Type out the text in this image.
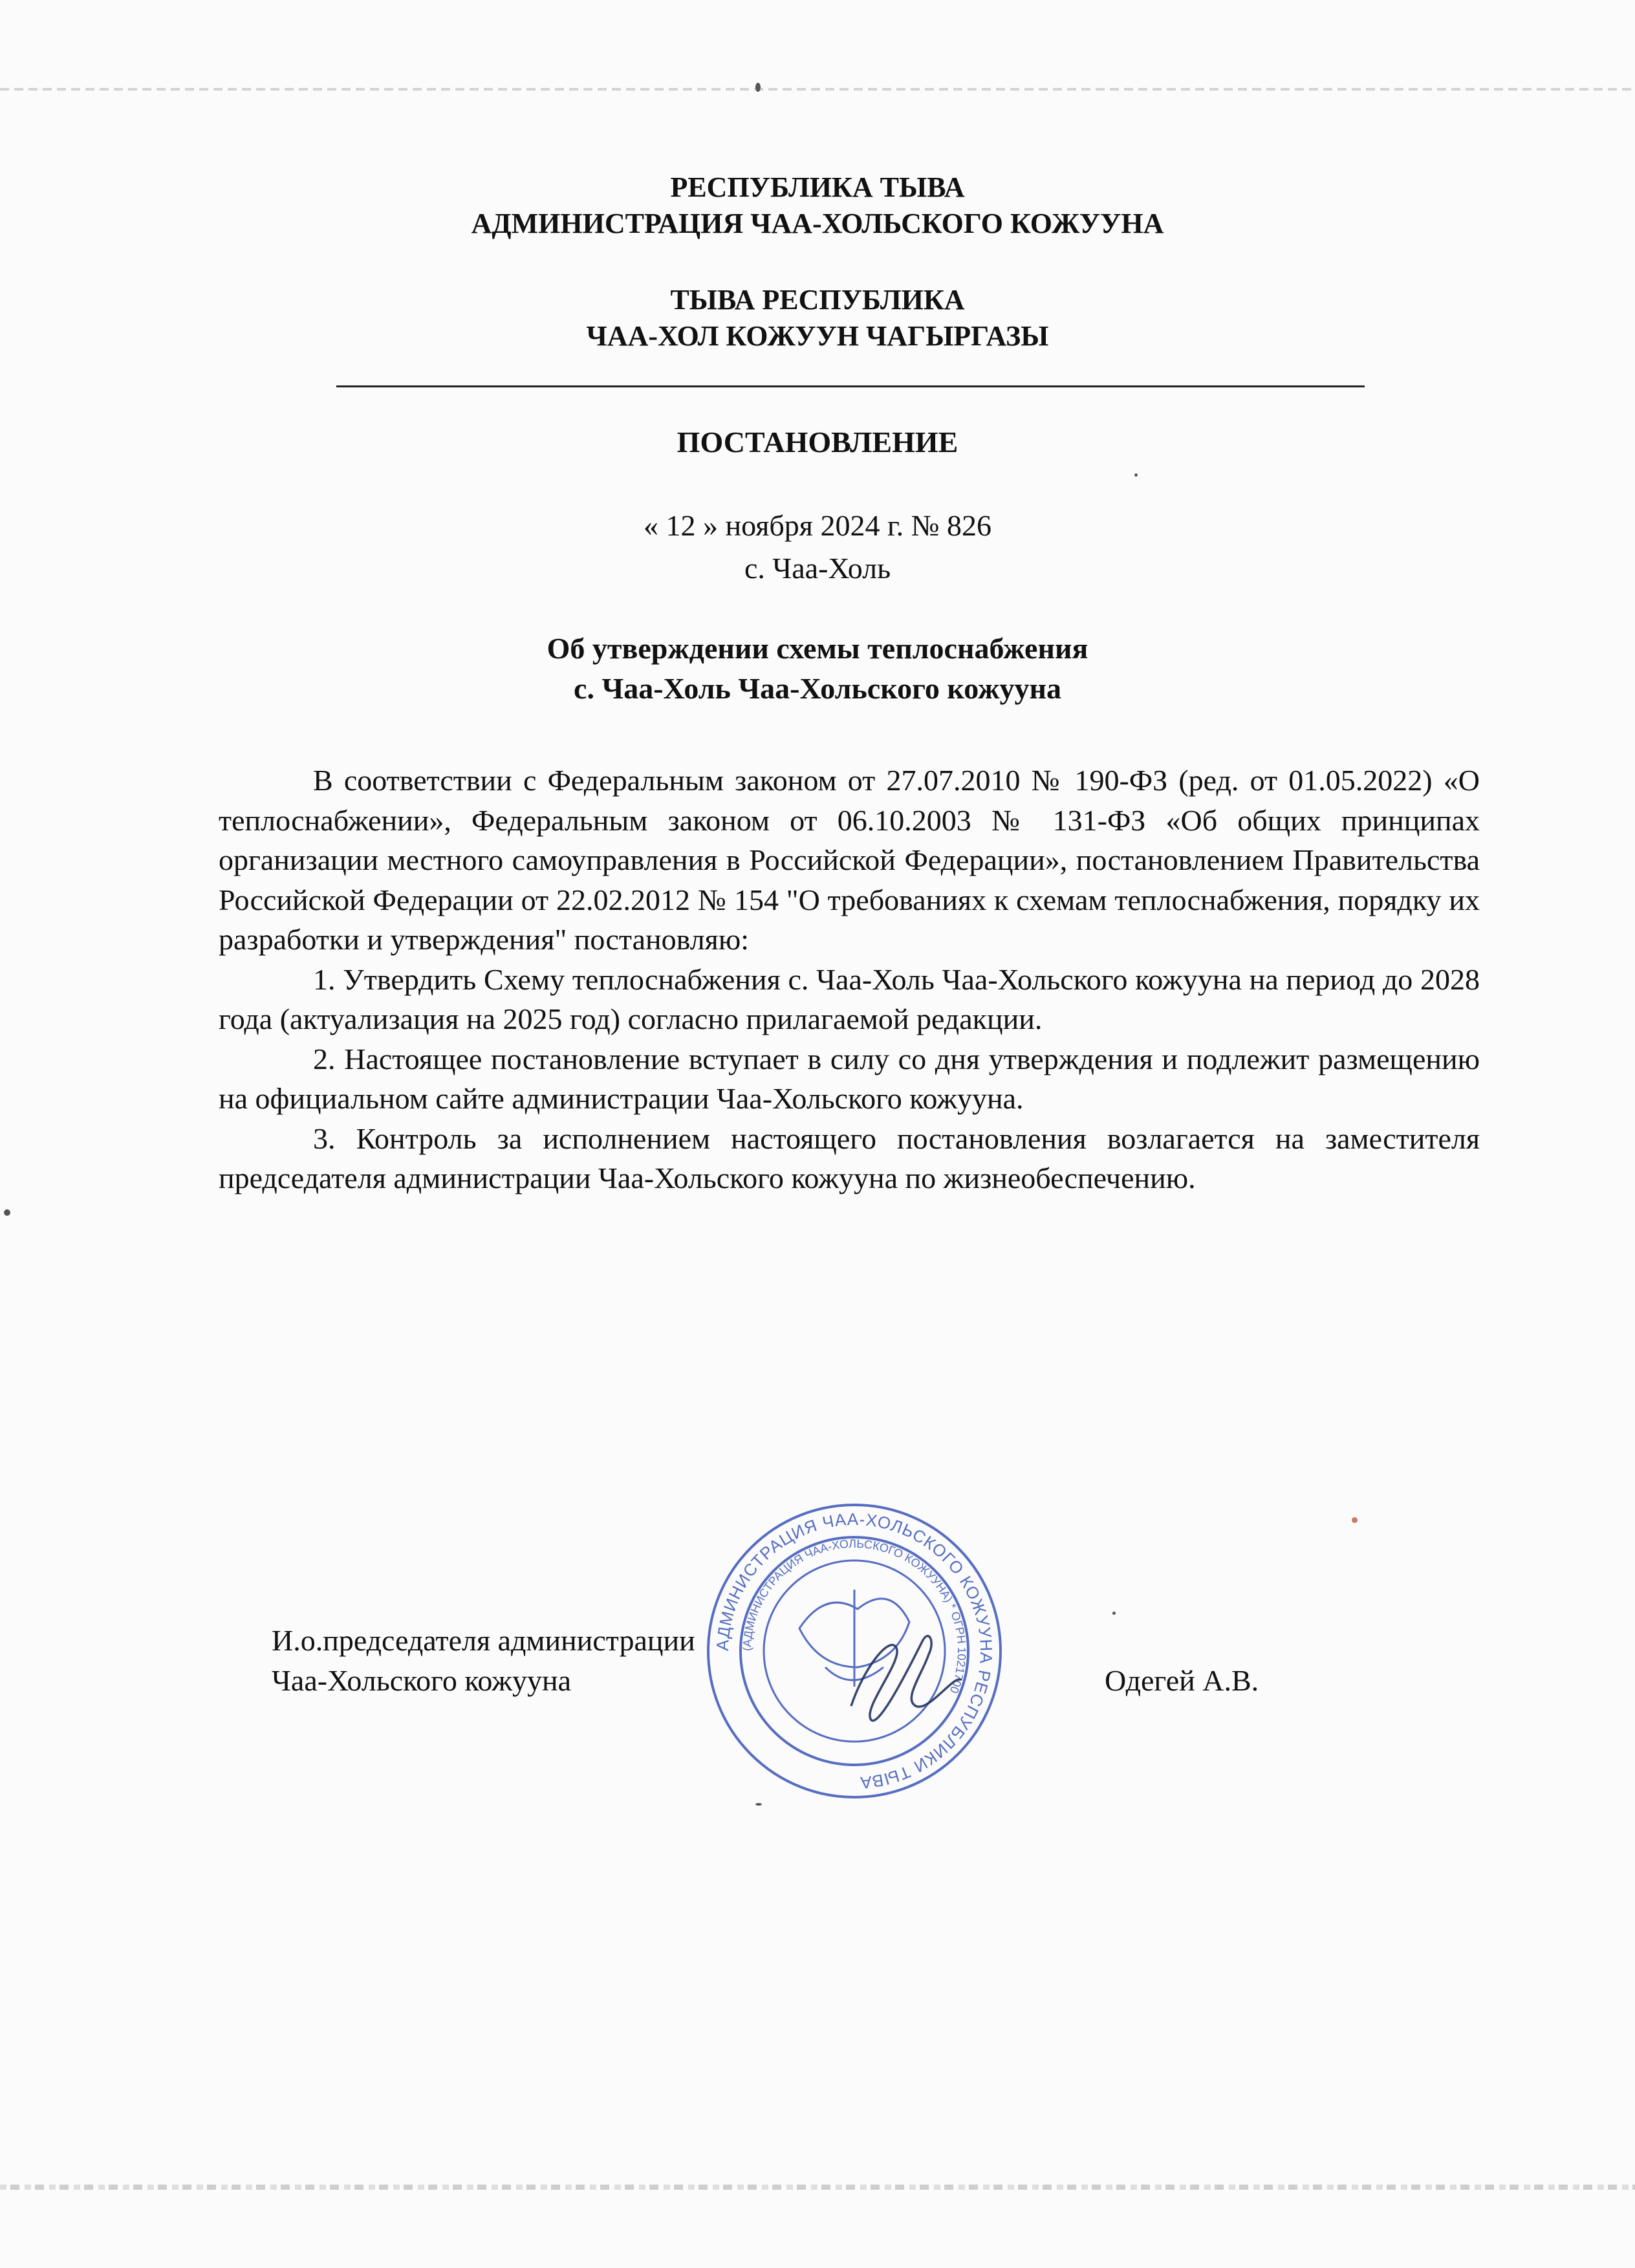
РЕСПУБЛИКА ТЫВА
АДМИНИСТРАЦИЯ ЧАА-ХОЛЬСКОГО КОЖУУНА
ТЫВА РЕСПУБЛИКА
ЧАА-ХОЛ КОЖУУН ЧАГЫРГАЗЫ
ПОСТАНОВЛЕНИЕ
« 12 » ноября 2024 г. № 826
с. Чаа-Холь
Об утверждении схемы теплоснабжения
с. Чаа-Холь Чаа-Хольского кожууна

В соответствии с Федеральным законом от 27.07.2010 № 190-ФЗ (ред. от 01.05.2022) «О теплоснабжении», Федеральным законом от 06.10.2003 № 131-ФЗ «Об общих принципах организации местного самоуправления в Российской Федерации», постановлением Правительства Российской Федерации от 22.02.2012 № 154 "О требованиях к схемам теплоснабжения, порядку их разработки и утверждения" постановляю:

1. Утвердить Схему теплоснабжения с. Чаа-Холь Чаа-Хольского кожууна на период до 2028 года (актуализация на 2025 год) согласно прилагаемой редакции.

2. Настоящее постановление вступает в силу со дня утверждения и подлежит размещению на официальном сайте администрации Чаа-Хольского кожууна.

3. Контроль за исполнением настоящего постановления возлагается на заместителя председателя администрации Чаа-Хольского кожууна по жизнеобеспечению.

И.о.председателя администрации
Чаа-Хольского кожууна	Одегей А.В.
АДМИНИСТРАЦИЯ ЧАА-ХОЛЬСКОГО КОЖУУНА РЕСПУБЛИКИ ТЫВА
(АДМИНИСТРАЦИЯ ЧАА-ХОЛЬСКОГО КОЖУУНА) * ОГРН 1021700
